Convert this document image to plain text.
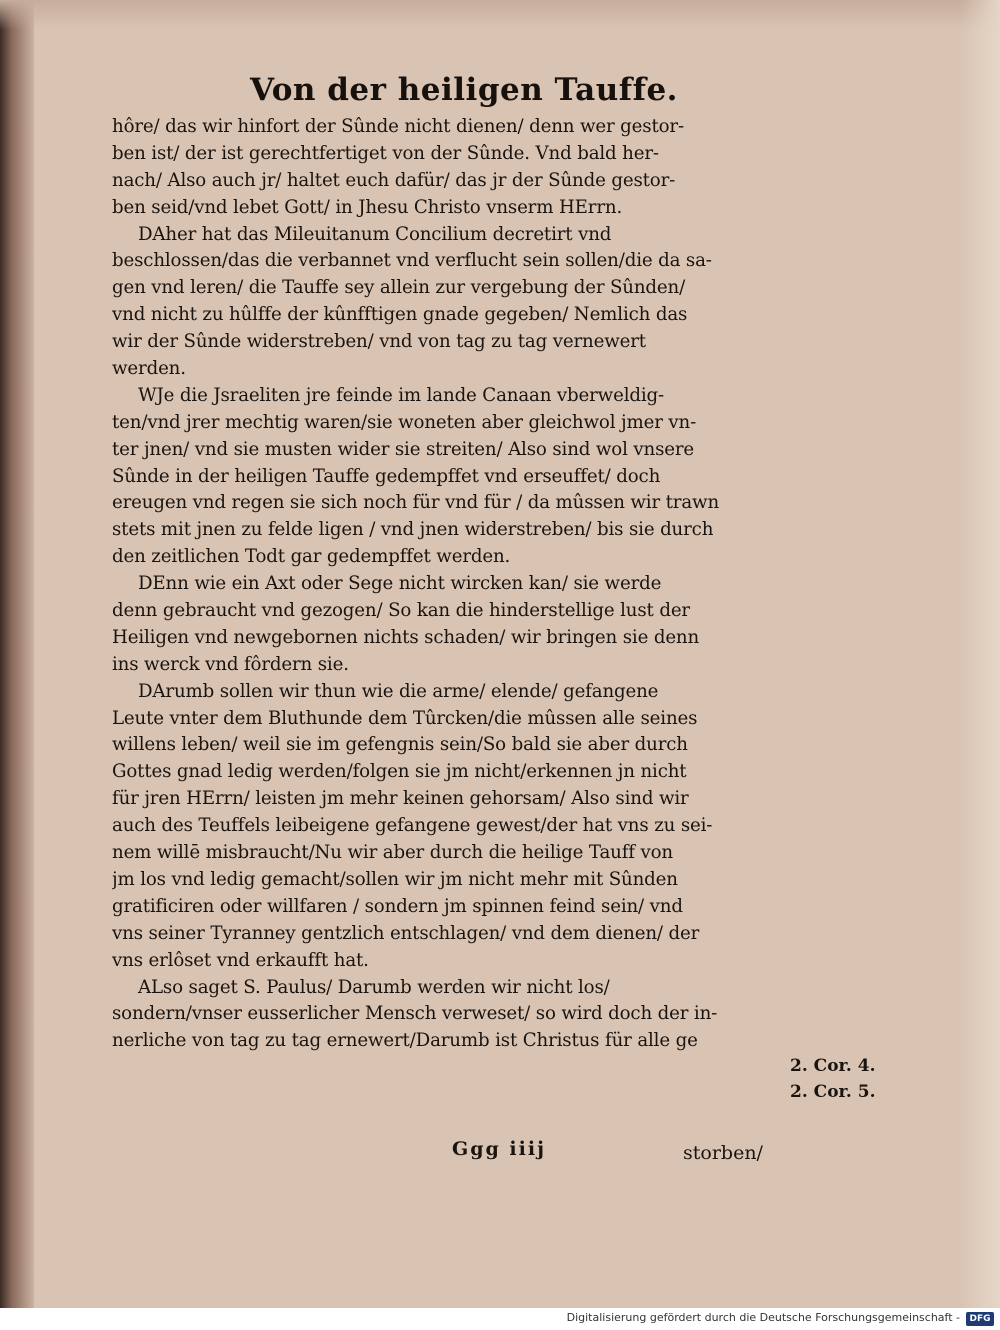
Von der heiligen Tauffe.
hôre/ das wir hinfort der Sûnde nicht dienen/ denn wer gestor-
ben ist/ der ist gerechtfertiget von der Sûnde. Vnd bald her-
nach/ Also auch jr/ haltet euch dafür/ das jr der Sûnde gestor-
ben seid/vnd lebet Gott/ in Jhesu Christo vnserm HErrn.
DAher hat das Mileuitanum Concilium decretirt vnd
beschlossen/das die verbannet vnd verflucht sein sollen/die da sa-
gen vnd leren/ die Tauffe sey allein zur vergebung der Sûnden/
vnd nicht zu hûlffe der kûnfftigen gnade gegeben/ Nemlich das
wir der Sûnde widerstreben/ vnd von tag zu tag vernewert
werden.
WJe die Jsraeliten jre feinde im lande Canaan vberweldig-
ten/vnd jrer mechtig waren/sie woneten aber gleichwol jmer vn-
ter jnen/ vnd sie musten wider sie streiten/ Also sind wol vnsere
Sûnde in der heiligen Tauffe gedempffet vnd erseuffet/ doch
ereugen vnd regen sie sich noch für vnd für / da mûssen wir trawn
stets mit jnen zu felde ligen / vnd jnen widerstreben/ bis sie durch
den zeitlichen Todt gar gedempffet werden.
DEnn wie ein Axt oder Sege nicht wircken kan/ sie werde
denn gebraucht vnd gezogen/ So kan die hinderstellige lust der
Heiligen vnd newgebornen nichts schaden/ wir bringen sie denn
ins werck vnd fôrdern sie.
DArumb sollen wir thun wie die arme/ elende/ gefangene
Leute vnter dem Bluthunde dem Tûrcken/die mûssen alle seines
willens leben/ weil sie im gefengnis sein/So bald sie aber durch
Gottes gnad ledig werden/folgen sie jm nicht/erkennen jn nicht
für jren HErrn/ leisten jm mehr keinen gehorsam/ Also sind wir
auch des Teuffels leibeigene gefangene gewest/der hat vns zu sei-
nem willē misbraucht/Nu wir aber durch die heilige Tauff von
jm los vnd ledig gemacht/sollen wir jm nicht mehr mit Sûnden
gratificiren oder willfaren / sondern jm spinnen feind sein/ vnd
vns seiner Tyranney gentzlich entschlagen/ vnd dem dienen/ der
vns erlôset vnd erkaufft hat.
ALso saget S. Paulus/ Darumb werden wir nicht los/
sondern/vnser eusserlicher Mensch verweset/ so wird doch der in-
nerliche von tag zu tag ernewert/Darumb ist Christus für alle ge
2. Cor. 4.
2. Cor. 5.
Ggg iiij	storben/
Digitalisierung gefördert durch die Deutsche Forschungsgemeinschaft -	DFG
